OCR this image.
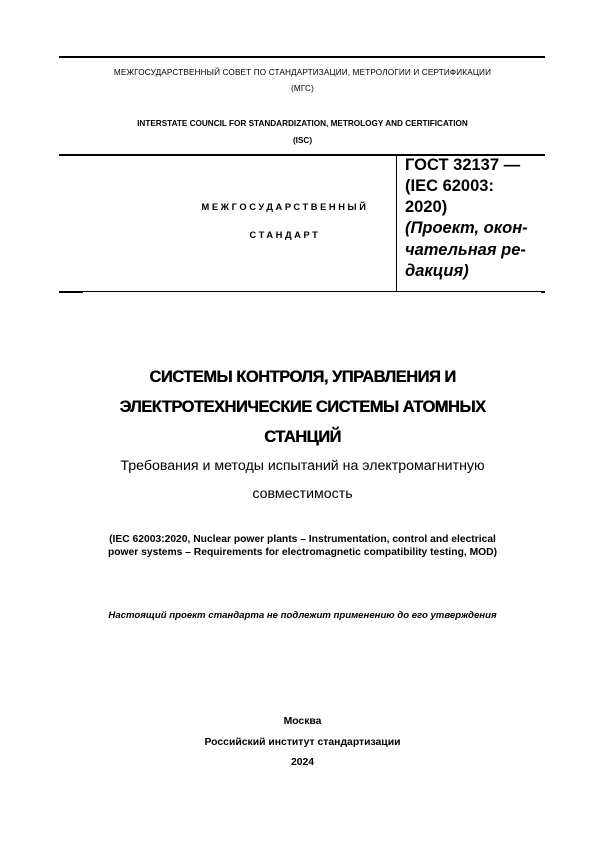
МЕЖГОСУДАРСТВЕННЫЙ СОВЕТ ПО СТАНДАРТИЗАЦИИ, МЕТРОЛОГИИ И СЕРТИФИКАЦИИ
(МГС)
INTERSTATE COUNCIL FOR STANDARDIZATION, METROLOGY AND CERTIFICATION
(ISC)
МЕЖГОСУДАРСТВЕННЫЙ
СТАНДАРТ
ГОСТ 32137 —
(IEC 62003:
2020)
(Проект, окон-
чательная ре-
дакция)
СИСТЕМЫ КОНТРОЛЯ, УПРАВЛЕНИЯ И
ЭЛЕКТРОТЕХНИЧЕСКИЕ СИСТЕМЫ АТОМНЫХ
СТАНЦИЙ
Требования и методы испытаний на электромагнитную
совместимость
(IEC 62003:2020, Nuclear power plants – Instrumentation, control and electrical
power systems – Requirements for electromagnetic compatibility testing, MOD)
Настоящий проект стандарта не подлежит применению до его утверждения
Москва
Российский институт стандартизации
2024
